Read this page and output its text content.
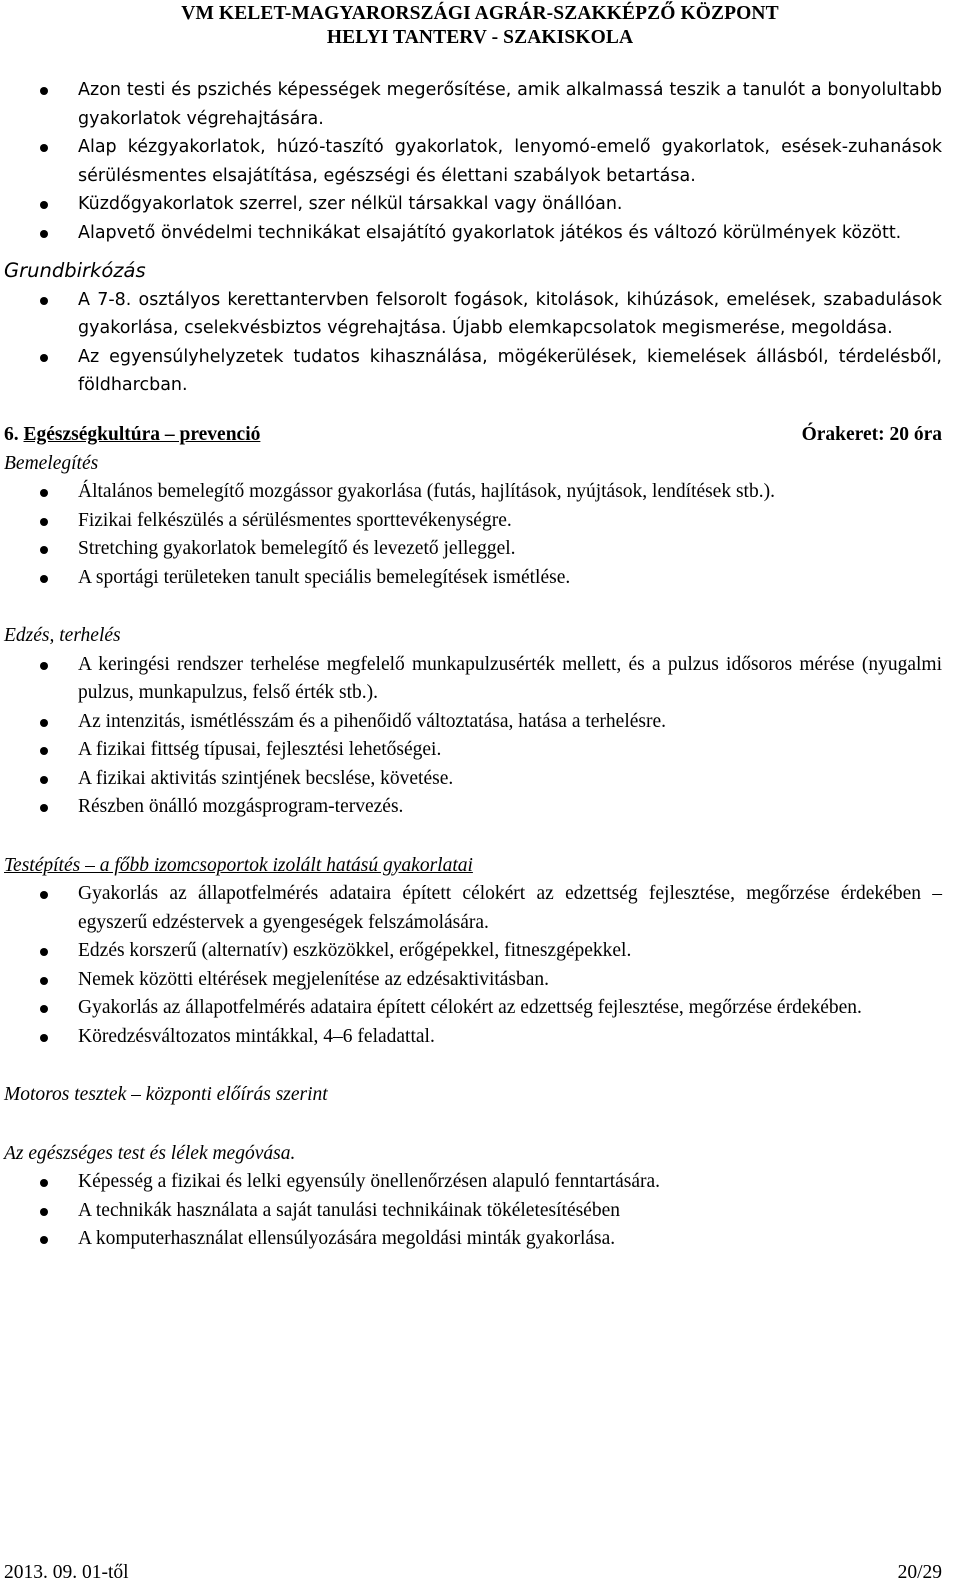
VM KELET-MAGYARORSZÁGI AGRÁR-SZAKKÉPZŐ KÖZPONT
HELYI TANTERV - SZAKISKOLA
Azon testi és pszichés képességek megerősítése, amik alkalmassá teszik a tanulót a bonyolultabb gyakorlatok végrehajtására.
Alap kézgyakorlatok, húzó-taszító gyakorlatok, lenyomó-emelő gyakorlatok, esések-zuhanások sérülésmentes elsajátítása, egészségi és élettani szabályok betartása.
Küzdőgyakorlatok szerrel, szer nélkül társakkal vagy önállóan.
Alapvető önvédelmi technikákat elsajátító gyakorlatok játékos és változó körülmények között.
Grundbirkózás
A 7-8. osztályos kerettantervben felsorolt fogások, kitolások, kihúzások, emelések, szabadulások gyakorlása, cselekvésbiztos végrehajtása. Újabb elemkapcsolatok megismerése, megoldása.
Az egyensúlyhelyzetek tudatos kihasználása, mögékerülések, kiemelések állásból, térdelésből, földharcban.
6. Egészségkultúra – prevenció	Órakeret: 20 óra
Bemelegítés
Általános bemelegítő mozgássor gyakorlása (futás, hajlítások, nyújtások, lendítések stb.).
Fizikai felkészülés a sérülésmentes sporttevékenységre.
Stretching gyakorlatok bemelegítő és levezető jelleggel.
A sportági területeken tanult speciális bemelegítések ismétlése.
Edzés, terhelés
A keringési rendszer terhelése megfelelő munkapulzusérték mellett, és a pulzus idősoros mérése (nyugalmi pulzus, munkapulzus, felső érték stb.).
Az intenzitás, ismétlésszám és a pihenőidő változtatása, hatása a terhelésre.
A fizikai fittség típusai, fejlesztési lehetőségei.
A fizikai aktivitás szintjének becslése, követése.
Részben önálló mozgásprogram-tervezés.
Testépítés – a főbb izomcsoportok izolált hatású gyakorlatai
Gyakorlás az állapotfelmérés adataira épített célokért az edzettség fejlesztése, megőrzése érdekében – egyszerű edzéstervek a gyengeségek felszámolására.
Edzés korszerű (alternatív) eszközökkel, erőgépekkel, fitneszgépekkel.
Nemek közötti eltérések megjelenítése az edzésaktivitásban.
Gyakorlás az állapotfelmérés adataira épített célokért az edzettség fejlesztése, megőrzése érdekében.
Köredzésváltozatos mintákkal, 4–6 feladattal.
Motoros tesztek – központi előírás szerint
Az egészséges test és lélek megóvása.
Képesség a fizikai és lelki egyensúly önellenőrzésen alapuló fenntartására.
A technikák használata a saját tanulási technikáinak tökéletesítésében
A komputerhasználat ellensúlyozására megoldási minták gyakorlása.
2013. 09. 01-től	20/29
